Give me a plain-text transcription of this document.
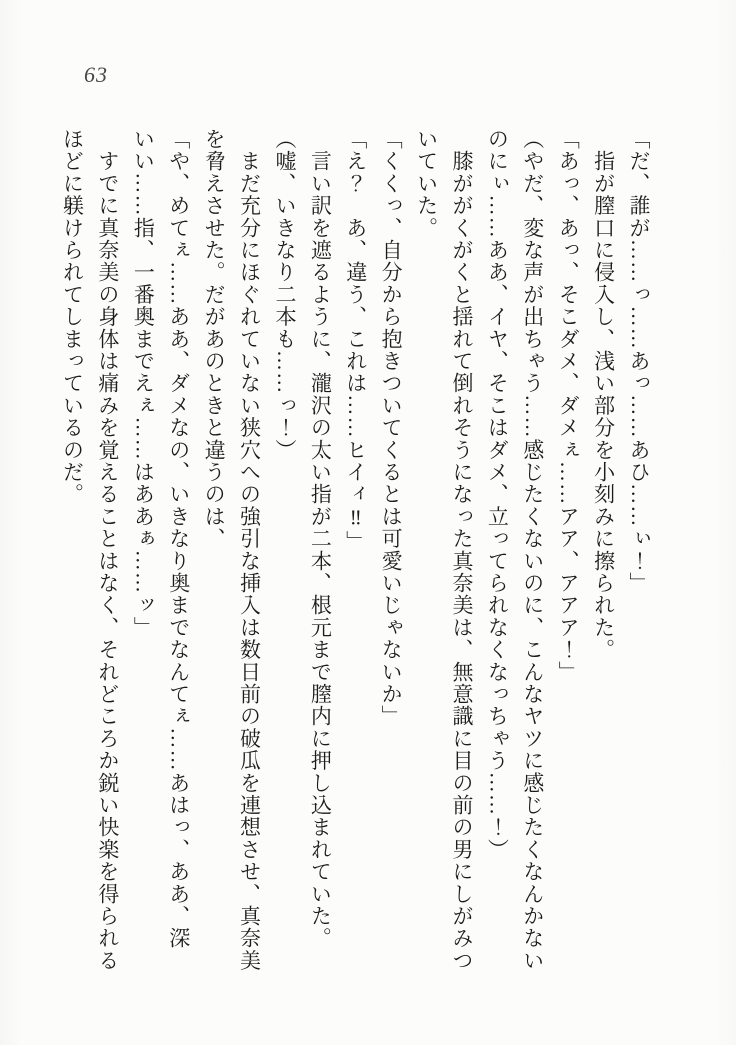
63

「だ、誰が……っ……あっ……あひ……ぃ！」

　指が膣口に侵入し、浅い部分を小刻みに擦られた。

「あっ、あっ、そこダメ、ダメぇ……アア、アアア！」

（やだ、変な声が出ちゃう……感じたくないのに、こんなヤツに感じたくなんかない

のにぃ……ああ、イヤ、そこはダメ、立ってられなくなっちゃう……！）

　膝ががくがくと揺れて倒れそうになった真奈美は、無意識に目の前の男にしがみつ

いていた。

「くくっ、自分から抱きついてくるとは可愛いじゃないか」

「え？　あ、違う、これは……ヒイィ‼」

　言い訳を遮るように、瀧沢の太い指が二本、根元まで膣内に押し込まれていた。

（嘘、いきなり二本も……っ！）

　まだ充分にほぐれていない狭穴への強引な挿入は数日前の破瓜を連想させ、真奈美

を脅えさせた。だがあのときと違うのは、

「や、めてぇ……ああ、ダメなの、いきなり奥までなんてぇ……あはっ、ああ、深

いい……指、一番奥までえぇ……はああぁ……ッ」

　すでに真奈美の身体は痛みを覚えることはなく、それどころか鋭い快楽を得られる

ほどに躾けられてしまっているのだ。
